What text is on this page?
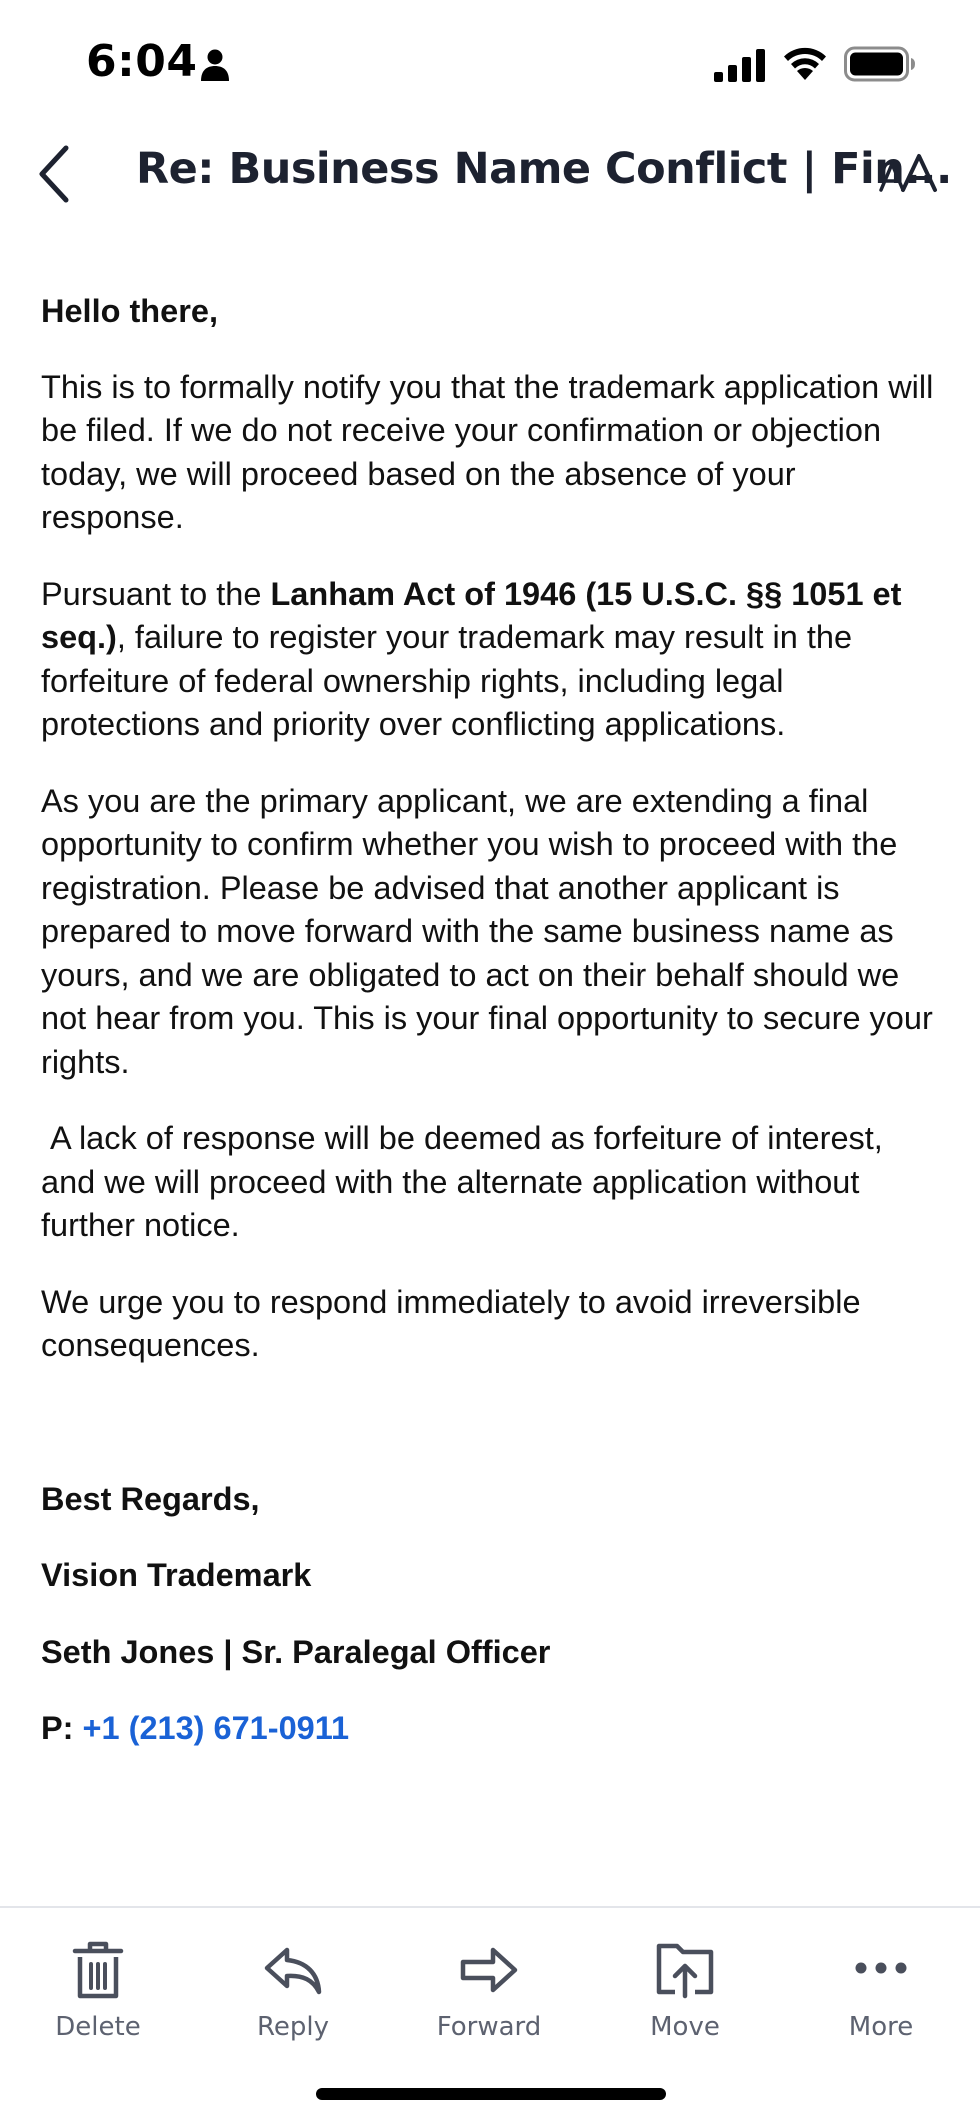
6:04
Re: Business Name Conflict | Fin...

Hello there,

This is to formally notify you that the trademark application will be filed. If we do not receive your confirmation or objection today, we will proceed based on the absence of your response.

Pursuant to the Lanham Act of 1946 (15 U.S.C. §§ 1051 et seq.), failure to register your trademark may result in the forfeiture of federal ownership rights, including legal protections and priority over conflicting applications.

As you are the primary applicant, we are extending a final opportunity to confirm whether you wish to proceed with the registration. Please be advised that another applicant is prepared to move forward with the same business name as yours, and we are obligated to act on their behalf should we not hear from you. This is your final opportunity to secure your rights.

A lack of response will be deemed as forfeiture of interest, and we will proceed with the alternate application without further notice.

We urge you to respond immediately to avoid irreversible consequences.

Best Regards,

Vision Trademark

Seth Jones | Sr. Paralegal Officer

P: +1 (213) 671-0911

Delete	Reply	Forward	Move	More
